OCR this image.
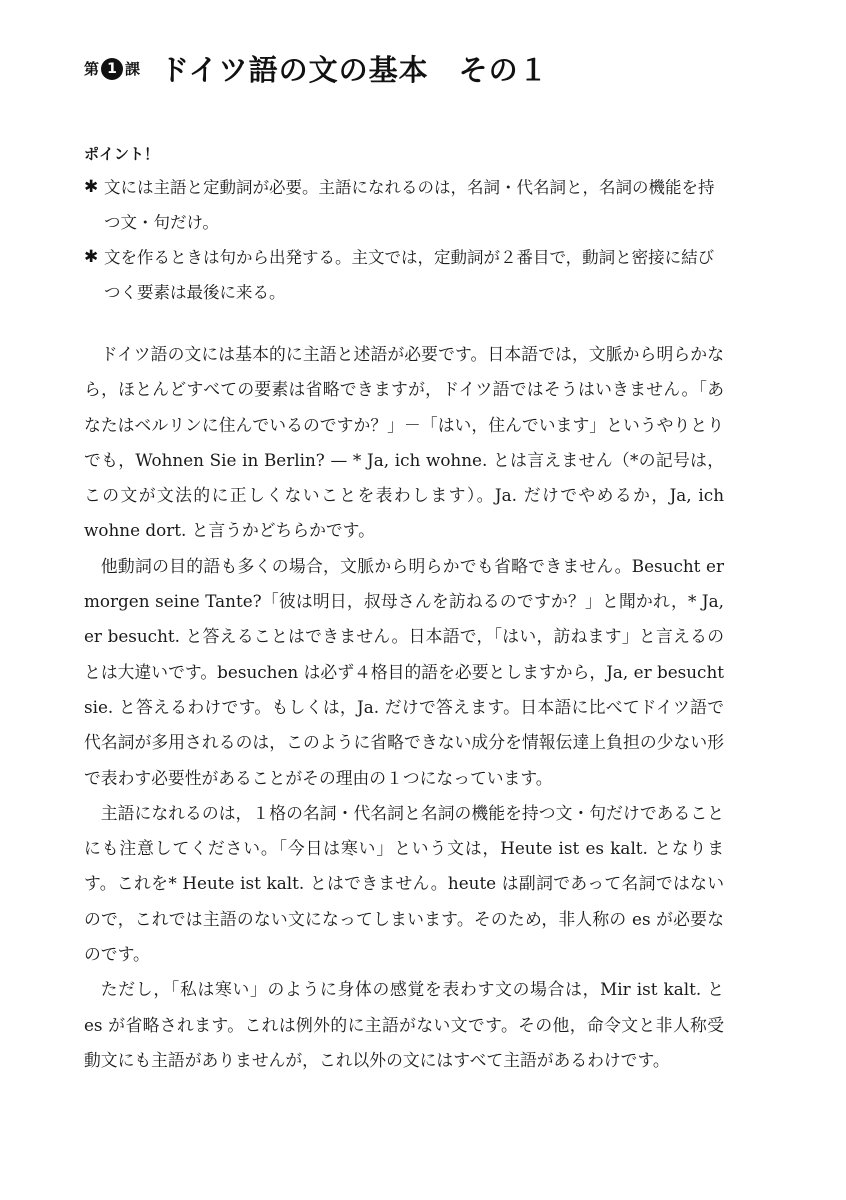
第 1 課 ドイツ語の文の基本　その１
ポイント！
✱ 文には主語と定動詞が必要。主語になれるのは，名詞・代名詞と，名詞の機能を持つ文・句だけ。
✱ 文を作るときは句から出発する。主文では，定動詞が２番目で，動詞と密接に結びつく要素は最後に来る。

ドイツ語の文には基本的に主語と述語が必要です。日本語では，文脈から明らかなら，ほとんどすべての要素は省略できますが，ドイツ語ではそうはいきません。「あなたはベルリンに住んでいるのですか？」－「はい，住んでいます」というやりとりでも，Wohnen Sie in Berlin? — * Ja, ich wohne. とは言えません（*の記号は，この文が文法的に正しくないことを表わします）。Ja. だけでやめるか，Ja, ich wohne dort. と言うかどちらかです。

他動詞の目的語も多くの場合，文脈から明らかでも省略できません。Besucht er morgen seine Tante?「彼は明日，叔母さんを訪ねるのですか？」と聞かれ，* Ja, er besucht. と答えることはできません。日本語で，「はい，訪ねます」と言えるのとは大違いです。besuchen は必ず４格目的語を必要としますから，Ja, er besucht sie. と答えるわけです。もしくは，Ja. だけで答えます。日本語に比べてドイツ語で代名詞が多用されるのは，このように省略できない成分を情報伝達上負担の少ない形で表わす必要性があることがその理由の１つになっています。

主語になれるのは，１格の名詞・代名詞と名詞の機能を持つ文・句だけであることにも注意してください。「今日は寒い」という文は，Heute ist es kalt. となります。これを* Heute ist kalt. とはできません。heute は副詞であって名詞ではないので，これでは主語のない文になってしまいます。そのため，非人称の es が必要なのです。

ただし，「私は寒い」のように身体の感覚を表わす文の場合は，Mir ist kalt. と es が省略されます。これは例外的に主語がない文です。その他，命令文と非人称受動文にも主語がありませんが，これ以外の文にはすべて主語があるわけです。
